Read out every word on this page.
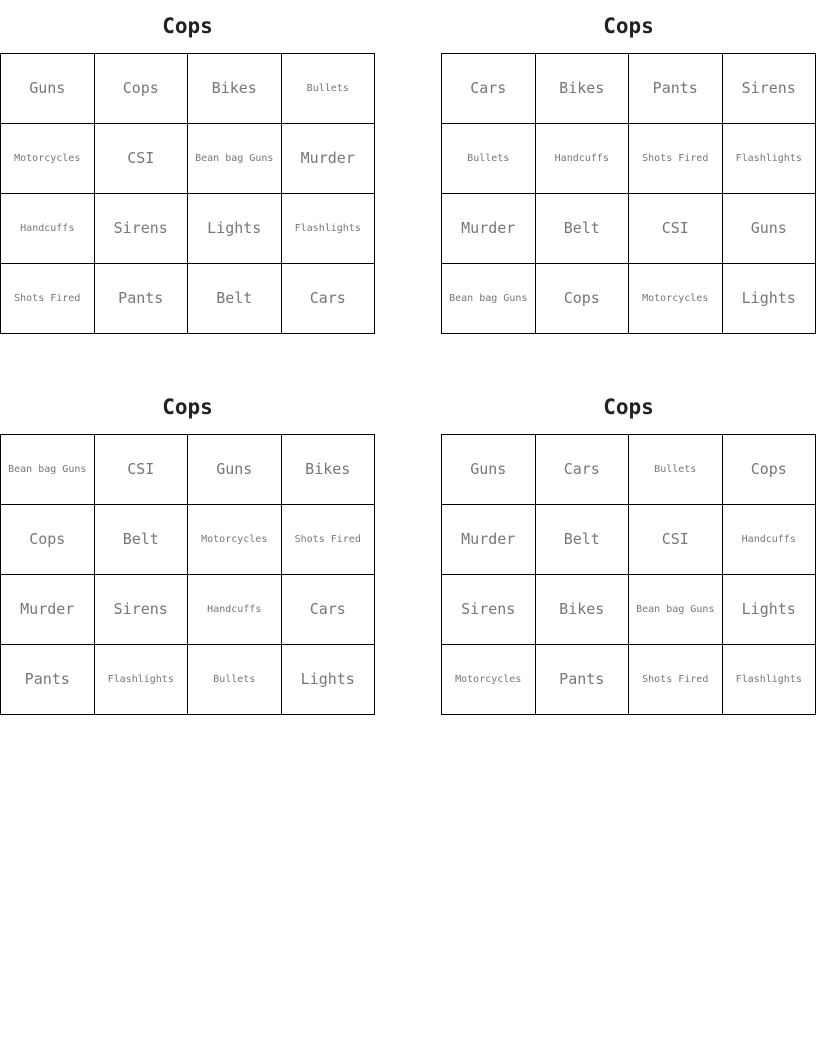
Cops
Guns	Cops	Bikes	Bullets
Motorcycles	CSI	Bean bag Guns	Murder
Handcuffs	Sirens	Lights	Flashlights
Shots Fired	Pants	Belt	Cars
Cops
Cars	Bikes	Pants	Sirens
Bullets	Handcuffs	Shots Fired	Flashlights
Murder	Belt	CSI	Guns
Bean bag Guns	Cops	Motorcycles	Lights
Cops
Bean bag Guns	CSI	Guns	Bikes
Cops	Belt	Motorcycles	Shots Fired
Murder	Sirens	Handcuffs	Cars
Pants	Flashlights	Bullets	Lights
Cops
Guns	Cars	Bullets	Cops
Murder	Belt	CSI	Handcuffs
Sirens	Bikes	Bean bag Guns	Lights
Motorcycles	Pants	Shots Fired	Flashlights
